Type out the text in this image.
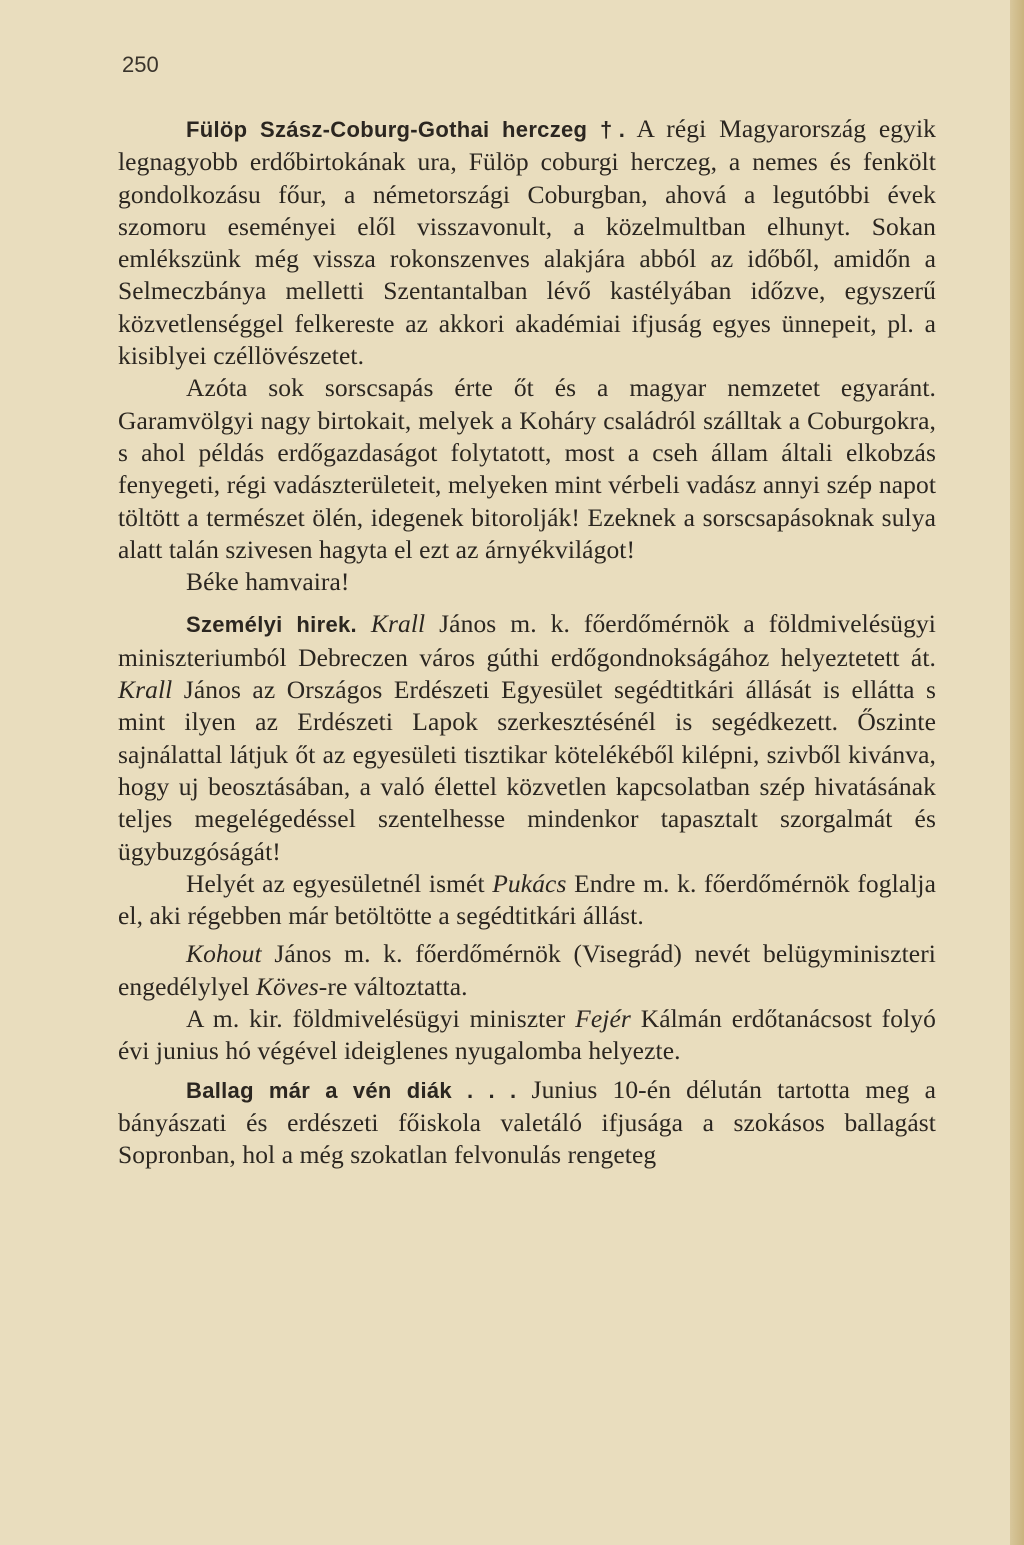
250

Fülöp Szász-Coburg-Gothai herczeg †. A régi Magyarország egyik legnagyobb erdőbirtokának ura, Fülöp coburgi herczeg, a nemes és fenkölt gondolkozásu főur, a németországi Coburgban, ahová a legutóbbi évek szomoru eseményei elől visszavonult, a közelmultban elhunyt. Sokan emlékszünk még vissza rokonszenves alakjára abból az időből, amidőn a Selmeczbánya melletti Szentantalban lévő kastélyában időzve, egyszerű közvetlenséggel felkereste az akkori akadémiai ifjuság egyes ünnepeit, pl. a kisiblyei czéllövészetet.

Azóta sok sorscsapás érte őt és a magyar nemzetet egyaránt. Garamvölgyi nagy birtokait, melyek a Koháry családról szálltak a Coburgokra, s ahol példás erdőgazdaságot folytatott, most a cseh állam általi elkobzás fenyegeti, régi vadászterületeit, melyeken mint vérbeli vadász annyi szép napot töltött a természet ölén, idegenek bitorolják! Ezeknek a sorscsapásoknak sulya alatt talán szivesen hagyta el ezt az árnyékvilágot!

Béke hamvaira!

Személyi hirek. Krall János m. k. főerdőmérnök a földmivelésügyi miniszteriumból Debreczen város gúthi erdőgondnokságához helyeztetett át. Krall János az Országos Erdészeti Egyesület segédtitkári állását is ellátta s mint ilyen az Erdészeti Lapok szerkesztésénél is segédkezett. Őszinte sajnálattal látjuk őt az egyesületi tisztikar kötelékéből kilépni, szivből kivánva, hogy uj beosztásában, a való élettel közvetlen kapcsolatban szép hivatásának teljes megelégedéssel szentelhesse mindenkor tapasztalt szorgalmát és ügybuzgóságát!

Helyét az egyesületnél ismét Pukács Endre m. k. főerdőmérnök foglalja el, aki régebben már betöltötte a segédtitkári állást.

Kohout János m. k. főerdőmérnök (Visegrád) nevét belügyminiszteri engedélylyel Köves-re változtatta.

A m. kir. földmivelésügyi miniszter Fejér Kálmán erdőtanácsost folyó évi junius hó végével ideiglenes nyugalomba helyezte.

Ballag már a vén diák . . . Junius 10-én délután tartotta meg a bányászati és erdészeti főiskola valetáló ifjusága a szokásos ballagást Sopronban, hol a még szokatlan felvonulás rengeteg
